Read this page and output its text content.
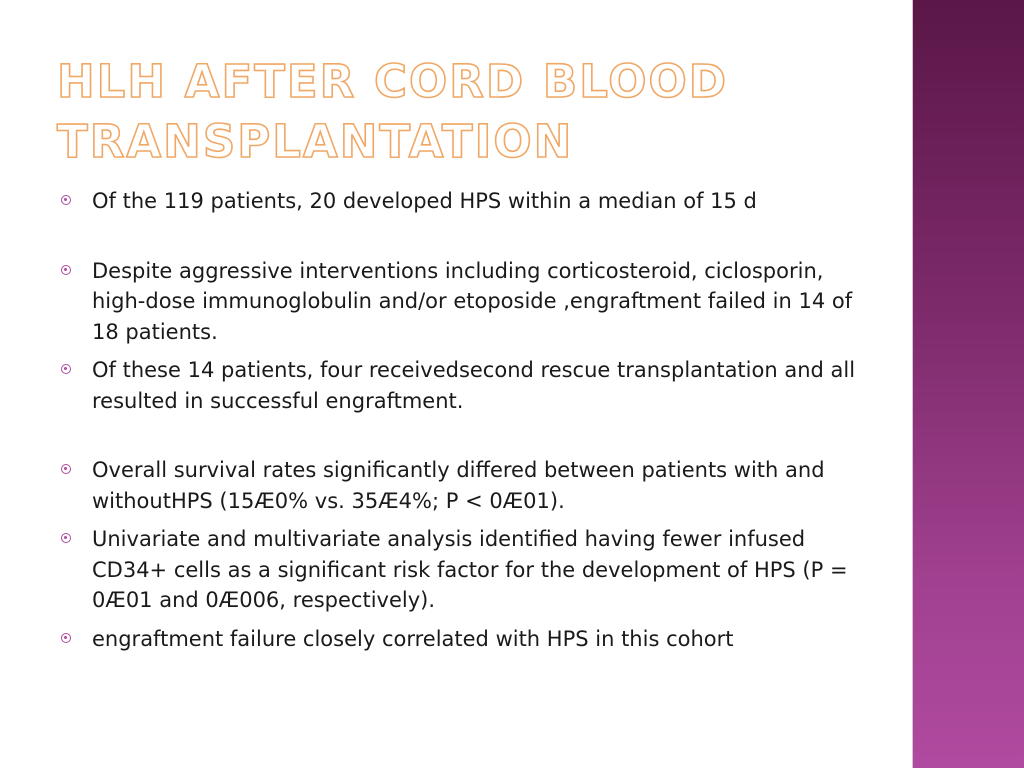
HLH AFTER CORD BLOOD
TRANSPLANTATION
Of the 119 patients, 20 developed HPS within a median of 15 d
Despite aggressive interventions including corticosteroid, ciclosporin, high-dose immunoglobulin and/or etoposide ,engraftment failed in 14 of 18 patients.
Of these 14 patients, four receivedsecond rescue transplantation and all resulted in successful engraftment.
Overall survival rates significantly differed between patients with and withoutHPS (15Æ0% vs. 35Æ4%; P < 0Æ01).
Univariate and multivariate analysis identified having fewer infused CD34+ cells as a significant risk factor for the development of HPS (P = 0Æ01 and 0Æ006, respectively).
engraftment failure closely correlated with HPS in this cohort
